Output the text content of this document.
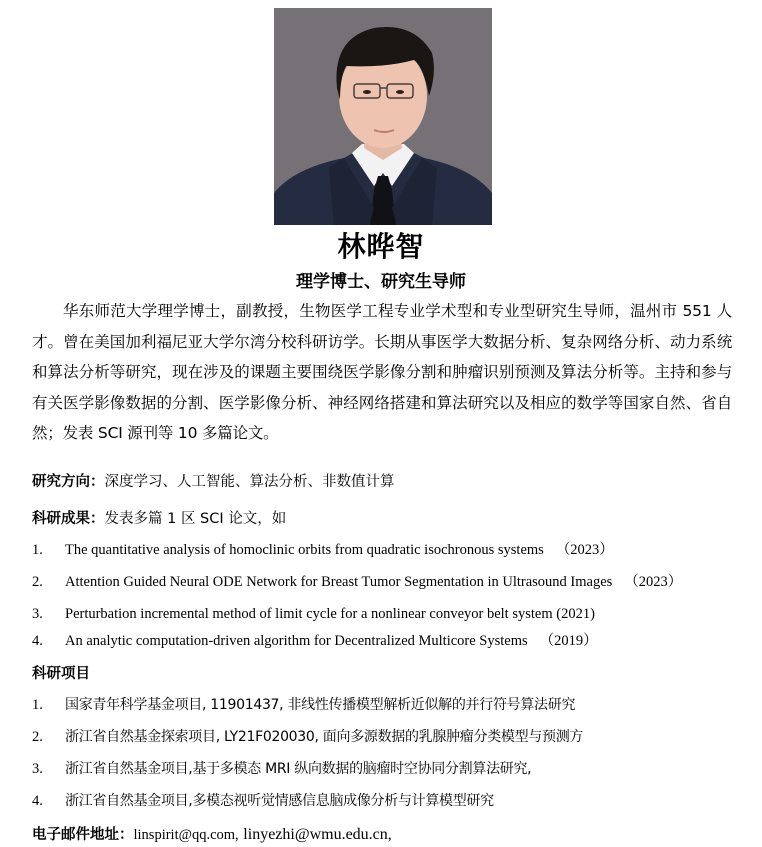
林晔智
理学博士、研究生导师

华东师范大学理学博士，副教授，生物医学工程专业学术型和专业型研究生导师，温州市 551 人才。曾在美国加利福尼亚大学尔湾分校科研访学。长期从事医学大数据分析、复杂网络分析、动力系统和算法分析等研究，现在涉及的课题主要围绕医学影像分割和肿瘤识别预测及算法分析等。主持和参与有关医学影像数据的分割、医学影像分析、神经网络搭建和算法研究以及相应的数学等国家自然、省自然；发表 SCI 源刊等 10 多篇论文。

研究方向：深度学习、人工智能、算法分析、非数值计算
科研成果：发表多篇 1 区 SCI 论文，如
1. The quantitative analysis of homoclinic orbits from quadratic isochronous systems （2023）
2. Attention Guided Neural ODE Network for Breast Tumor Segmentation in Ultrasound Images （2023）
3. Perturbation incremental method of limit cycle for a nonlinear conveyor belt system (2021)
4. An analytic computation-driven algorithm for Decentralized Multicore Systems （2019）
科研项目
1. 国家青年科学基金项目, 11901437, 非线性传播模型解析近似解的并行符号算法研究
2. 浙江省自然基金探索项目, LY21F020030, 面向多源数据的乳腺肿瘤分类模型与预测方
3. 浙江省自然基金项目,基于多模态 MRI 纵向数据的脑瘤时空协同分割算法研究,
4. 浙江省自然基金项目,多模态视听觉情感信息脑成像分析与计算模型研究
电子邮件地址：linspirit@qq.com, linyezhi@wmu.edu.cn,
